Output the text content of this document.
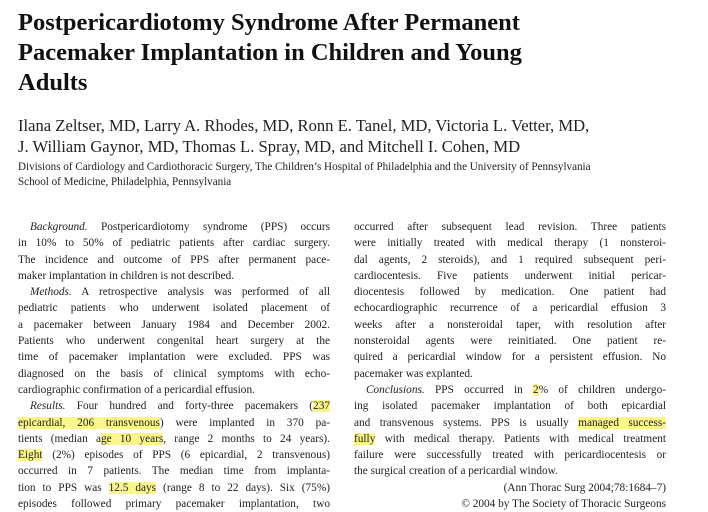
Postpericardiotomy Syndrome After Permanent
Pacemaker Implantation in Children and Young
Adults
Ilana Zeltser, MD, Larry A. Rhodes, MD, Ronn E. Tanel, MD, Victoria L. Vetter, MD,
J. William Gaynor, MD, Thomas L. Spray, MD, and Mitchell I. Cohen, MD
Divisions of Cardiology and Cardiothoracic Surgery, The Children’s Hospital of Philadelphia and the University of Pennsylvania
School of Medicine, Philadelphia, Pennsylvania
Background. Postpericardiotomy syndrome (PPS) occurs
in 10% to 50% of pediatric patients after cardiac surgery.
The incidence and outcome of PPS after permanent pace-
maker implantation in children is not described.
Methods. A retrospective analysis was performed of all
pediatric patients who underwent isolated placement of
a pacemaker between January 1984 and December 2002.
Patients who underwent congenital heart surgery at the
time of pacemaker implantation were excluded. PPS was
diagnosed on the basis of clinical symptoms with echo-
cardiographic confirmation of a pericardial effusion.
Results. Four hundred and forty-three pacemakers (237
epicardial, 206 transvenous) were implanted in 370 pa-
tients (median age 10 years, range 2 months to 24 years).
Eight (2%) episodes of PPS (6 epicardial, 2 transvenous)
occurred in 7 patients. The median time from implanta-
tion to PPS was 12.5 days (range 8 to 22 days). Six (75%)
episodes followed primary pacemaker implantation, two
occurred after subsequent lead revision. Three patients
were initially treated with medical therapy (1 nonsteroi-
dal agents, 2 steroids), and 1 required subsequent peri-
cardiocentesis. Five patients underwent initial pericar-
diocentesis followed by medication. One patient had
echocardiographic recurrence of a pericardial effusion 3
weeks after a nonsteroidal taper, with resolution after
nonsteroidal agents were reinitiated. One patient re-
quired a pericardial window for a persistent effusion. No
pacemaker was explanted.
Conclusions. PPS occurred in 2% of children undergo-
ing isolated pacemaker implantation of both epicardial
and transvenous systems. PPS is usually managed success-
fully with medical therapy. Patients with medical treatment
failure were successfully treated with pericardiocentesis or
the surgical creation of a pericardial window.
(Ann Thorac Surg 2004;78:1684–7)
© 2004 by The Society of Thoracic Surgeons
